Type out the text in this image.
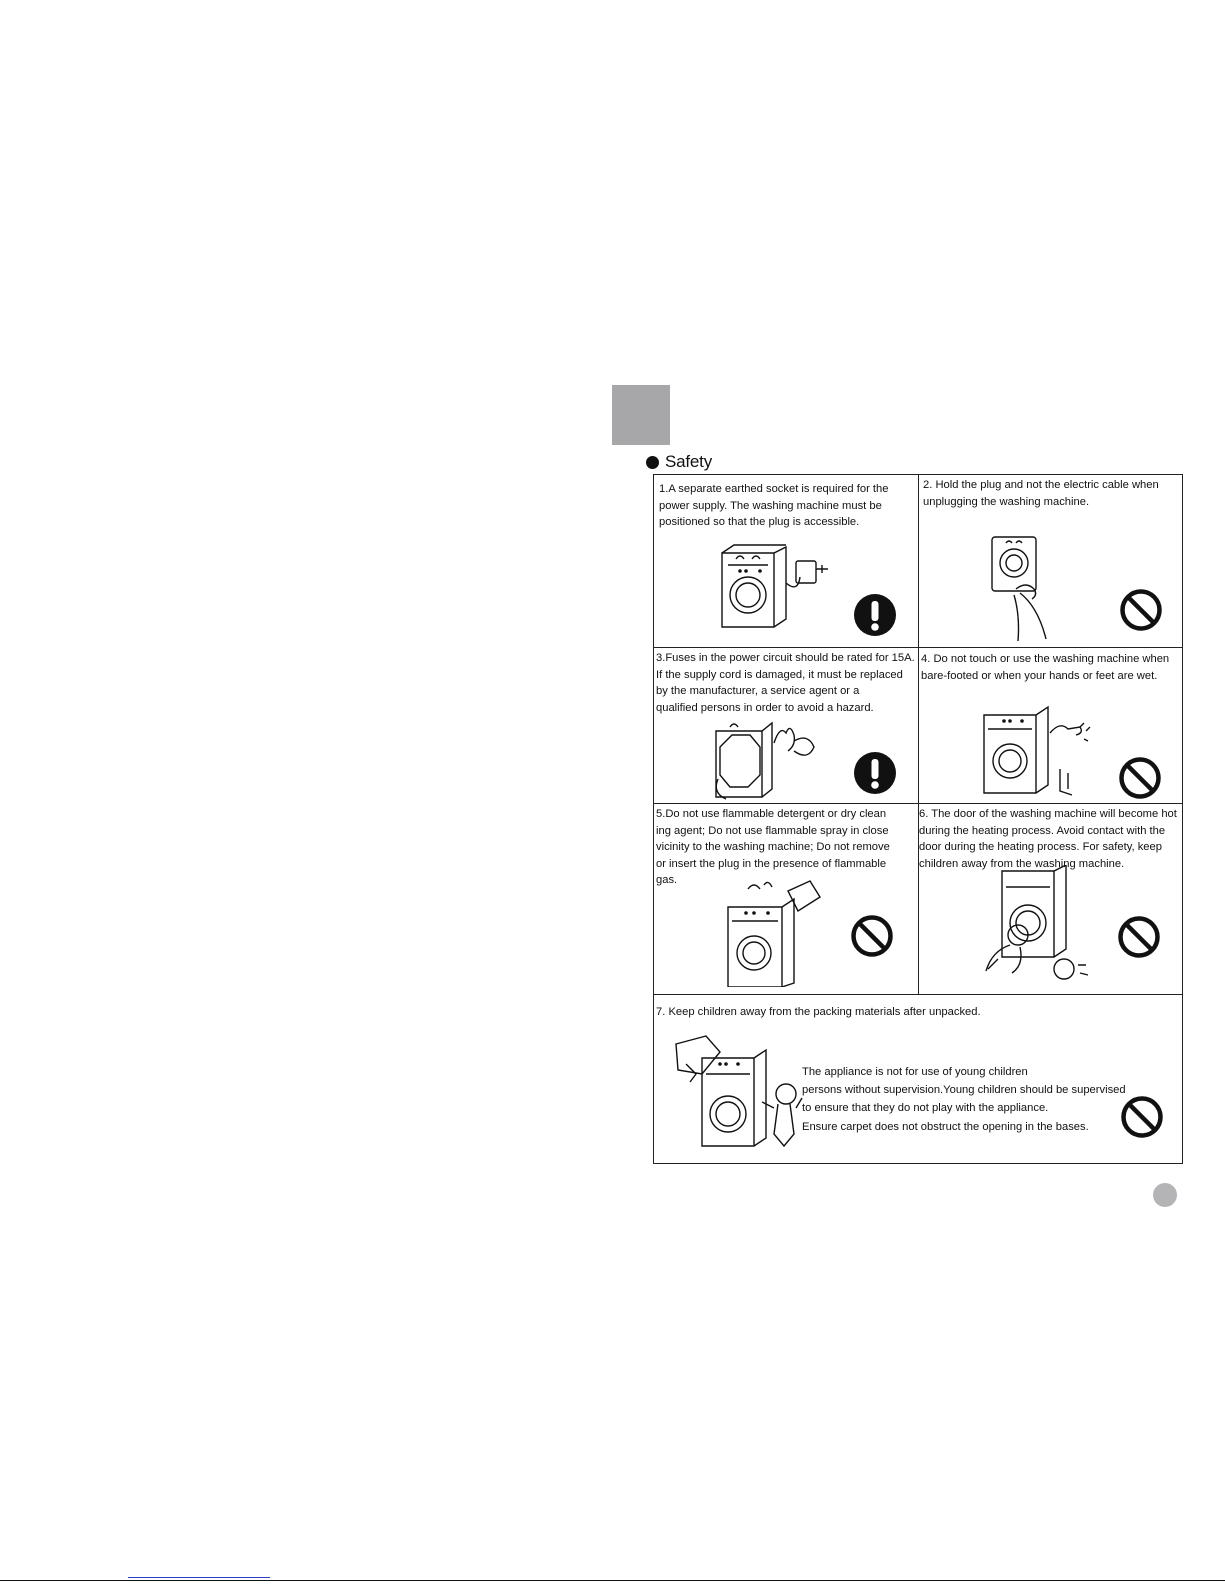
Safety
1.A separate earthed socket is required for the
power supply. The washing machine must be
positioned so that the plug is accessible.
2. Hold the plug and not the electric cable when
unplugging the washing machine.
3.Fuses in the power circuit should be rated for 15A.
If the supply cord is damaged, it must be replaced
by the manufacturer, a service agent or a
qualified persons in order to avoid a hazard.
4. Do not touch or use the washing machine when
bare-footed or when your hands or feet are wet.
5.Do not use flammable detergent or dry clean
ing agent; Do not use flammable spray in close
vicinity to the washing machine; Do not remove
or insert the plug in the presence of flammable
gas.
6. The door of the washing machine will become hot
during the heating process. Avoid contact with the
door during the heating process. For safety, keep
children away from the washing machine.
7. Keep children away from the packing materials after unpacked.
The appliance is not for use of young children
persons without supervision.Young children should be supervised
to ensure that they do not play with the appliance.
Ensure carpet does not obstruct the opening in the bases.
